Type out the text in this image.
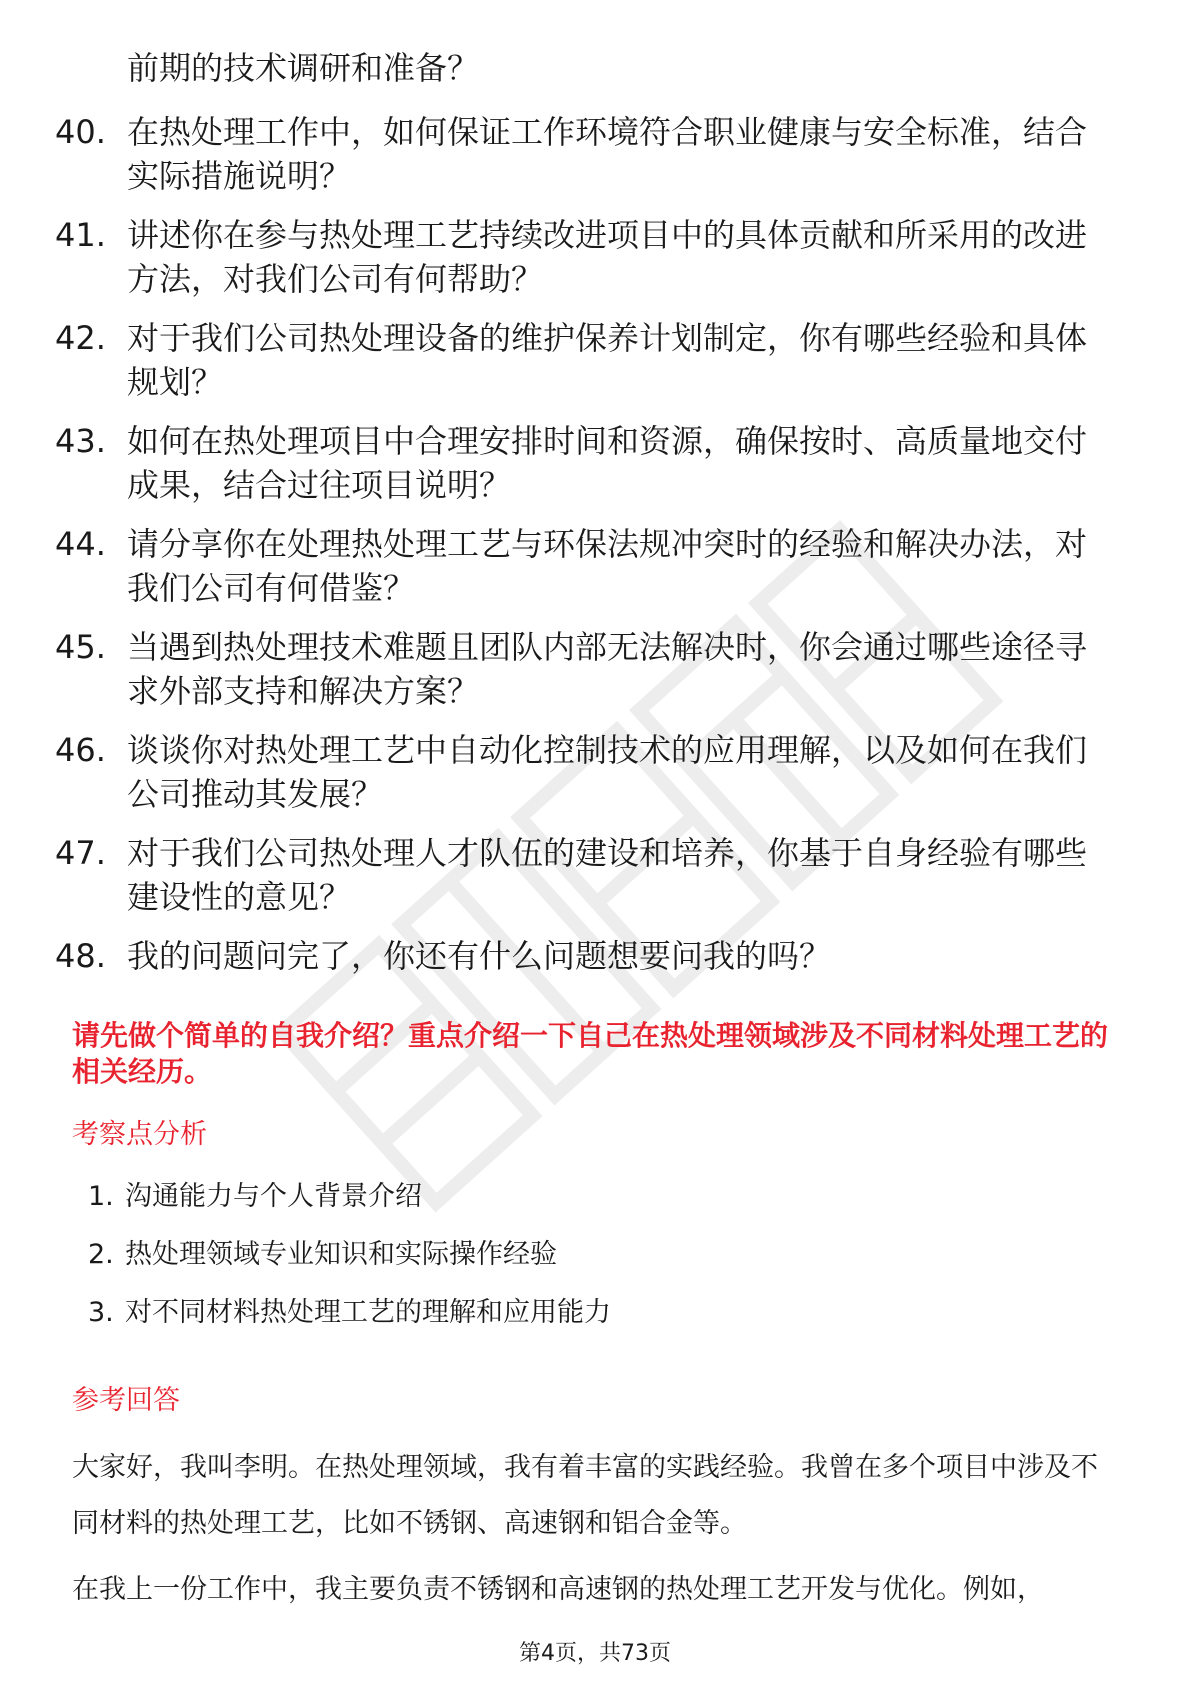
前期的技术调研和准备？

40. 在热处理工作中，如何保证工作环境符合职业健康与安全标准，结合实际措施说明？
41. 讲述你在参与热处理工艺持续改进项目中的具体贡献和所采用的改进方法，对我们公司有何帮助？
42. 对于我们公司热处理设备的维护保养计划制定，你有哪些经验和具体规划？
43. 如何在热处理项目中合理安排时间和资源，确保按时、高质量地交付成果，结合过往项目说明？
44. 请分享你在处理热处理工艺与环保法规冲突时的经验和解决办法，对我们公司有何借鉴？
45. 当遇到热处理技术难题且团队内部无法解决时，你会通过哪些途径寻求外部支持和解决方案？
46. 谈谈你对热处理工艺中自动化控制技术的应用理解，以及如何在我们公司推动其发展？
47. 对于我们公司热处理人才队伍的建设和培养，你基于自身经验有哪些建设性的意见？
48. 我的问题问完了，你还有什么问题想要问我的吗？

请先做个简单的自我介绍？重点介绍一下自己在热处理领域涉及不同材料处理工艺的相关经历。

考察点分析
1. 沟通能力与个人背景介绍
2. 热处理领域专业知识和实际操作经验
3. 对不同材料热处理工艺的理解和应用能力
参考回答

大家好，我叫李明。在热处理领域，我有着丰富的实践经验。我曾在多个项目中涉及不同材料的热处理工艺，比如不锈钢、高速钢和铝合金等。

在我上一份工作中，我主要负责不锈钢和高速钢的热处理工艺开发与优化。例如，

第4页，共73页
